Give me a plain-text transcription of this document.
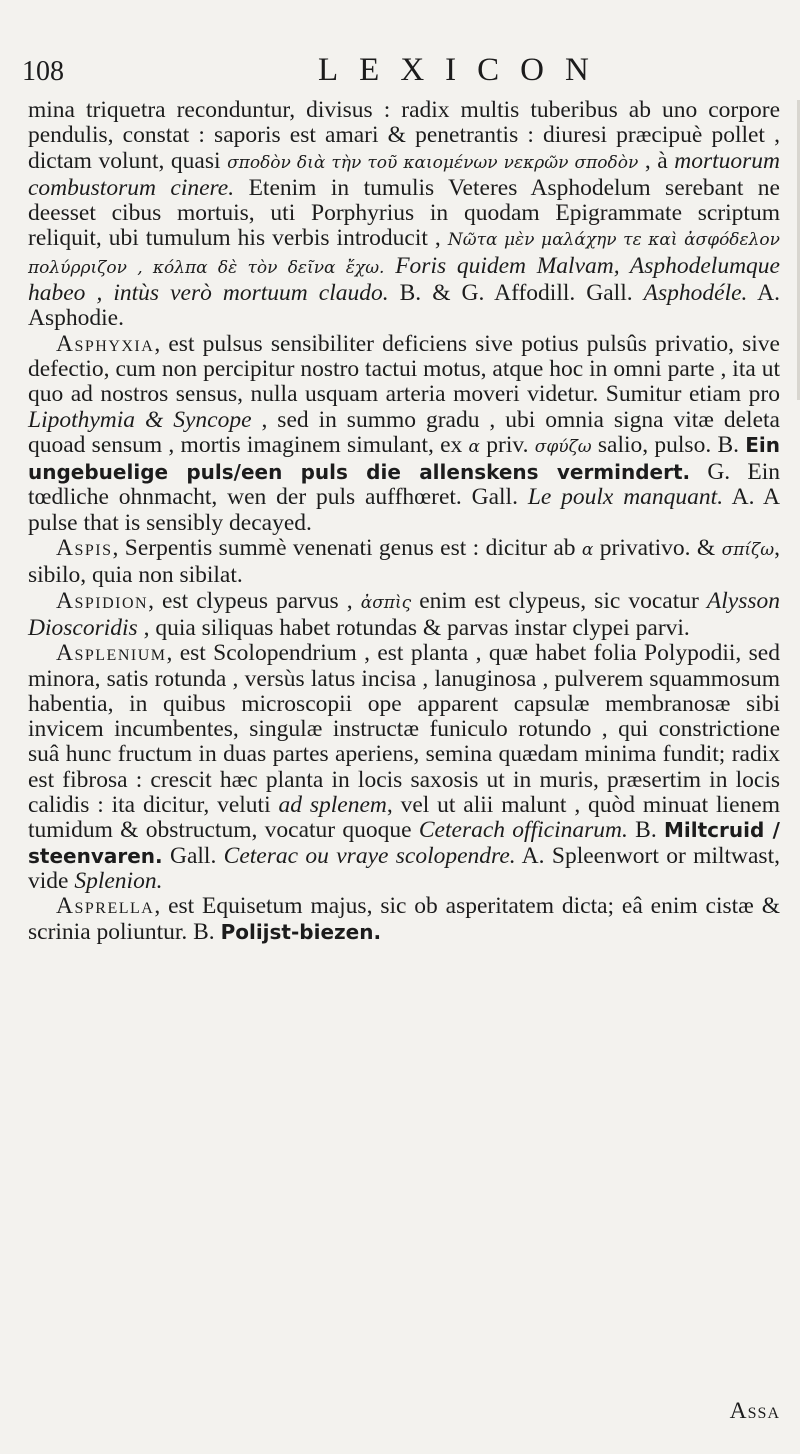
108	LEXICON

mina triquetra reconduntur, divisus : radix multis tuberibus ab uno corpore pendulis, constat : saporis est amari & penetrantis : diuresi præcipuè pollet , dictam volunt, quasi σποδὸν διὰ τὴν τοῦ καιομένων νεκρῶν σποδὸν , à mortuorum combustorum cinere. Etenim in tumulis Veteres Asphodelum serebant ne deesset cibus mortuis, uti Porphyrius in quodam Epigrammate scriptum reliquit, ubi tumulum his verbis introducit , Νῶτα μὲν μαλάχην τε καὶ ἀσφόδελον πολύρριζον , κόλπα δὲ τὸν δεῖνα ἔχω. Foris quidem Malvam, Asphodelumque habeo , intùs verò mortuum claudo. B. & G. Affodill. Gall. Asphodéle. A. Asphodie.

Asphyxia, est pulsus sensibiliter deficiens sive potius pulsûs privatio, sive defectio, cum non percipitur nostro tactui motus, atque hoc in omni parte , ita ut quo ad nostros sensus, nulla usquam arteria moveri videtur. Sumitur etiam pro Lipothymia & Syncope , sed in summo gradu , ubi omnia signa vitæ deleta quoad sensum , mortis imaginem simulant, ex α priv. σφύζω salio, pulso. B. Ein ungebuelige puls/een puls die allenskens vermindert. G. Ein tœdliche ohnmacht, wen der puls auffhœret. Gall. Le poulx manquant. A. A pulse that is sensibly decayed.

Aspis, Serpentis summè venenati genus est : dicitur ab α privativo. & σπίζω, sibilo, quia non sibilat.

Aspidion, est clypeus parvus , ἀσπὶς enim est clypeus, sic vocatur Alysson Dioscoridis , quia siliquas habet rotundas & parvas instar clypei parvi.

Asplenium, est Scolopendrium , est planta , quæ habet folia Polypodii, sed minora, satis rotunda , versùs latus incisa , lanuginosa , pulverem squammosum habentia, in quibus microscopii ope apparent capsulæ membranosæ sibi invicem incumbentes, singulæ instructæ funiculo rotundo , qui constrictione suâ hunc fructum in duas partes aperiens, semina quædam minima fundit; radix est fibrosa : crescit hæc planta in locis saxosis ut in muris, præsertim in locis calidis : ita dicitur, veluti ad splenem, vel ut alii malunt , quòd minuat lienem tumidum & obstructum, vocatur quoque Ceterach officinarum. B. Miltcruid / steenvaren. Gall. Ceterac ou vraye scolopendre. A. Spleenwort or miltwast, vide Splenion.

Asprella, est Equisetum majus, sic ob asperitatem dicta; eâ enim cistæ & scrinia poliuntur. B. Polijst-biezen.

Assa
